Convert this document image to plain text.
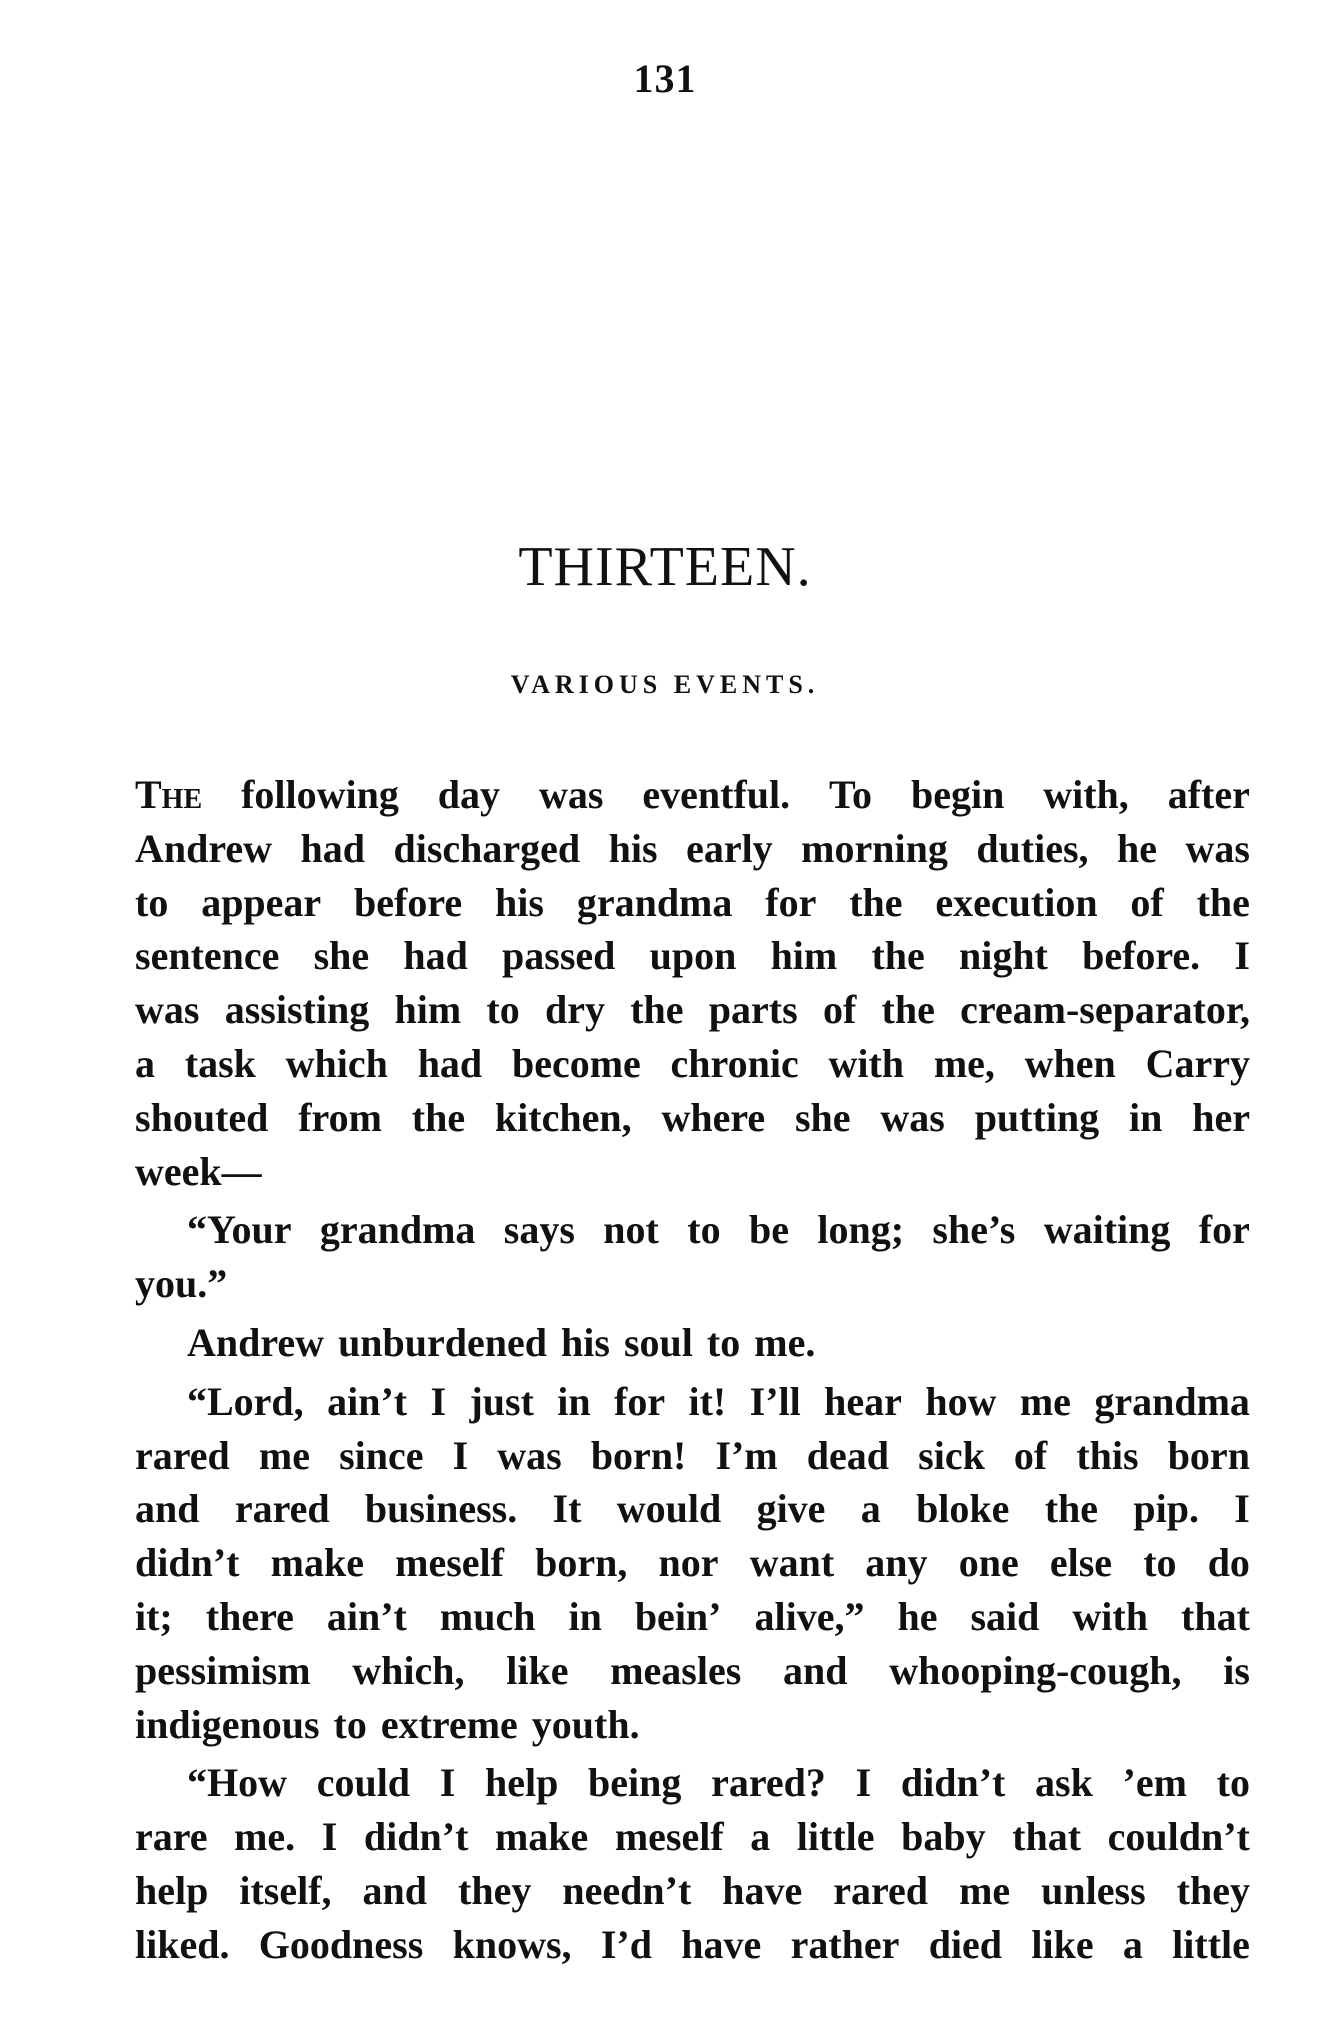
131
THIRTEEN.
VARIOUS EVENTS.
The following day was eventful. To begin with, after
Andrew had discharged his early morning duties, he was
to appear before his grandma for the execution of the
sentence she had passed upon him the night before. I
was assisting him to dry the parts of the cream-separator,
a task which had become chronic with me, when Carry
shouted from the kitchen, where she was putting in her
week—
“Your grandma says not to be long; she’s waiting for
you.”
Andrew unburdened his soul to me.
“Lord, ain’t I just in for it! I’ll hear how me grandma
rared me since I was born! I’m dead sick of this born
and rared business. It would give a bloke the pip. I
didn’t make meself born, nor want any one else to do
it; there ain’t much in bein’ alive,” he said with that
pessimism which, like measles and whooping-cough, is
indigenous to extreme youth.
“How could I help being rared? I didn’t ask ’em to
rare me. I didn’t make meself a little baby that couldn’t
help itself, and they needn’t have rared me unless they
liked. Goodness knows, I’d have rather died like a little
